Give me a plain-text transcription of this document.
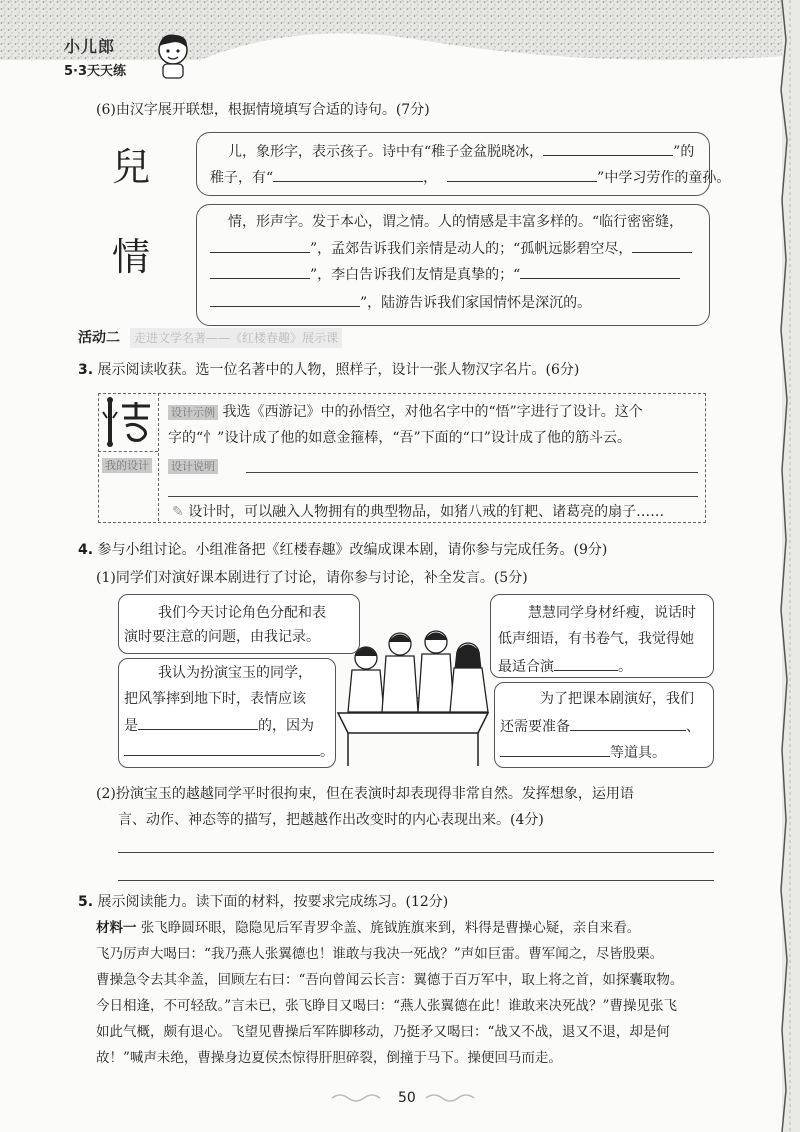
小儿郎
5·3天天练
(6)由汉字展开联想，根据情境填写合适的诗句。(7分)
兒	儿，象形字，表示孩子。诗中有“稚子金盆脱晓冰，	”的
稚子，有“	，	”中学习劳作的童孙。
情
情，形声字。发于本心，谓之情。人的情感是丰富多样的。“临行密密缝，
”，孟郊告诉我们亲情是动人的；“孤帆远影碧空尽，
”，李白告诉我们友情是真挚的；“
”，陆游告诉我们家国情怀是深沉的。
活动二	走进文学名著——《红楼春趣》展示课
3. 展示阅读收获。选一位名著中的人物，照样子，设计一张人物汉字名片。(6分)
我的设计
设计示例 我选《西游记》中的孙悟空，对他名字中的“悟”字进行了设计。这个
字的“忄”设计成了他的如意金箍棒，“吾”下面的“口”设计成了他的筋斗云。
设计说明
✎ 设计时，可以融入人物拥有的典型物品，如猪八戒的钉耙、诸葛亮的扇子……
4. 参与小组讨论。小组准备把《红楼春趣》改编成课本剧，请你参与完成任务。(9分)
(1)同学们对演好课本剧进行了讨论，请你参与讨论，补全发言。(5分)
我们今天讨论角色分配和表
演时要注意的问题，由我记录。
慧慧同学身材纤瘦，说话时
低声细语，有书卷气，我觉得她
最适合演	。
我认为扮演宝玉的同学，
把风筝摔到地下时，表情应该
是	的，因为
。
为了把课本剧演好，我们
还需要准备	、
等道具。
(2)扮演宝玉的越越同学平时很拘束，但在表演时却表现得非常自然。发挥想象，运用语
言、动作、神态等的描写，把越越作出改变时的内心表现出来。(4分)
5. 展示阅读能力。读下面的材料，按要求完成练习。(12分)
材料一 张飞睁圆环眼，隐隐见后军青罗伞盖、旄钺旌旗来到，料得是曹操心疑，亲自来看。
飞乃厉声大喝曰：“我乃燕人张翼德也！谁敢与我决一死战？”声如巨雷。曹军闻之，尽皆股栗。
曹操急令去其伞盖，回顾左右曰：“吾向曾闻云长言：翼德于百万军中，取上将之首，如探囊取物。
今日相逢，不可轻敌。”言未已，张飞睁目又喝曰：“燕人张翼德在此！谁敢来决死战？”曹操见张飞
如此气概，颇有退心。飞望见曹操后军阵脚移动，乃挺矛又喝曰：“战又不战，退又不退，却是何
故！”喊声未绝，曹操身边夏侯杰惊得肝胆碎裂，倒撞于马下。操便回马而走。
50
